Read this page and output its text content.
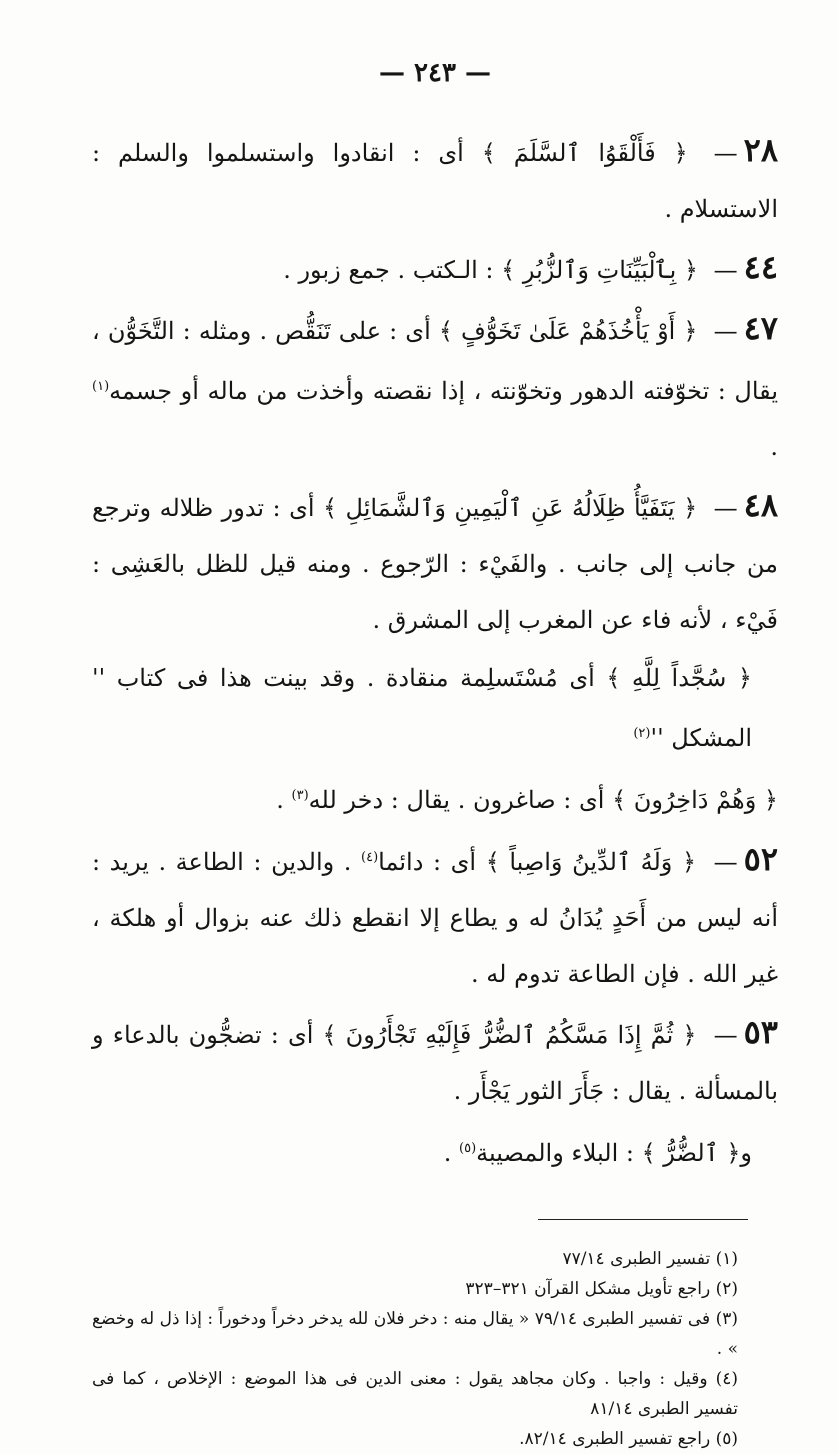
— ٢٤٣ —

٢٨— ﴿ فَأَلْقَوُا ٱلسَّلَمَ ﴾ أى : انقادوا واستسلموا والسلم : الاستسلام .

٤٤— ﴿ بِٱلْبَيِّنَاتِ وَٱلزُّبُرِ ﴾ : الـكتب . جمع زبور .

٤٧— ﴿ أَوْ يَأْخُذَهُمْ عَلَىٰ تَخَوُّفٍ ﴾ أى : على تَنَقُّص . ومثله : التَّخَوُّن ، يقال : تخوّفته الدهور وتخوّنته ، إذا نقصته وأخذت من ماله أو جسمه$^{(١)}$ .

٤٨— ﴿ يَتَفَيَّأُ ظِلَالُهُ عَنِ ٱلْيَمِينِ وَٱلشَّمَائِلِ ﴾ أى : تدور ظلاله وترجع من جانب إلى جانب . والفَيْء : الرّجوع . ومنه قيل للظل بالعَشِى : فَيْء ، لأنه فاء عن المغرب إلى المشرق .

﴿ سُجَّداً لِلَّهِ ﴾ أى مُسْتَسلِمة منقادة . وقد بينت هذا فى كتاب '' المشكل ''$^{(٢)}$

﴿ وَهُمْ دَاخِرُونَ ﴾ أى : صاغرون . يقال : دخر لله$^{(٣)}$ .

٥٢— ﴿ وَلَهُ ٱلدِّينُ وَاصِباً ﴾ أى : دائما$^{(٤)}$ . والدين : الطاعة . يريد : أنه ليس من أَحَدٍ يُدَانُ له و يطاع إلا انقطع ذلك عنه بزوال أو هلكة ، غير الله . فإن الطاعة تدوم له .

٥٣— ﴿ ثُمَّ إِذَا مَسَّكُمُ ٱلضُّرُّ فَإِلَيْهِ تَجْأَرُونَ ﴾ أى : تضجُّون بالدعاء و بالمسألة . يقال : جَأَرَ الثور يَجْأَر .

و﴿ ٱلضُّرُّ ﴾ : البلاء والمصيبة$^{(٥)}$ .

(١) تفسير الطبرى ٧٧/١٤

(٢) راجع تأويل مشكل القرآن ٣٢١–٣٢٣

(٣) فى تفسير الطبرى ٧٩/١٤ « يقال منه : دخر فلان لله يدخر دخراً ودخوراً : إذا ذل له وخضع » .

(٤) وقيل : واجبا . وكان مجاهد يقول : معنى الدين فى هذا الموضع : الإخلاص ، كما فى تفسير الطبرى ٨١/١٤

(٥) راجع تفسير الطبرى ٨٢/١٤.
